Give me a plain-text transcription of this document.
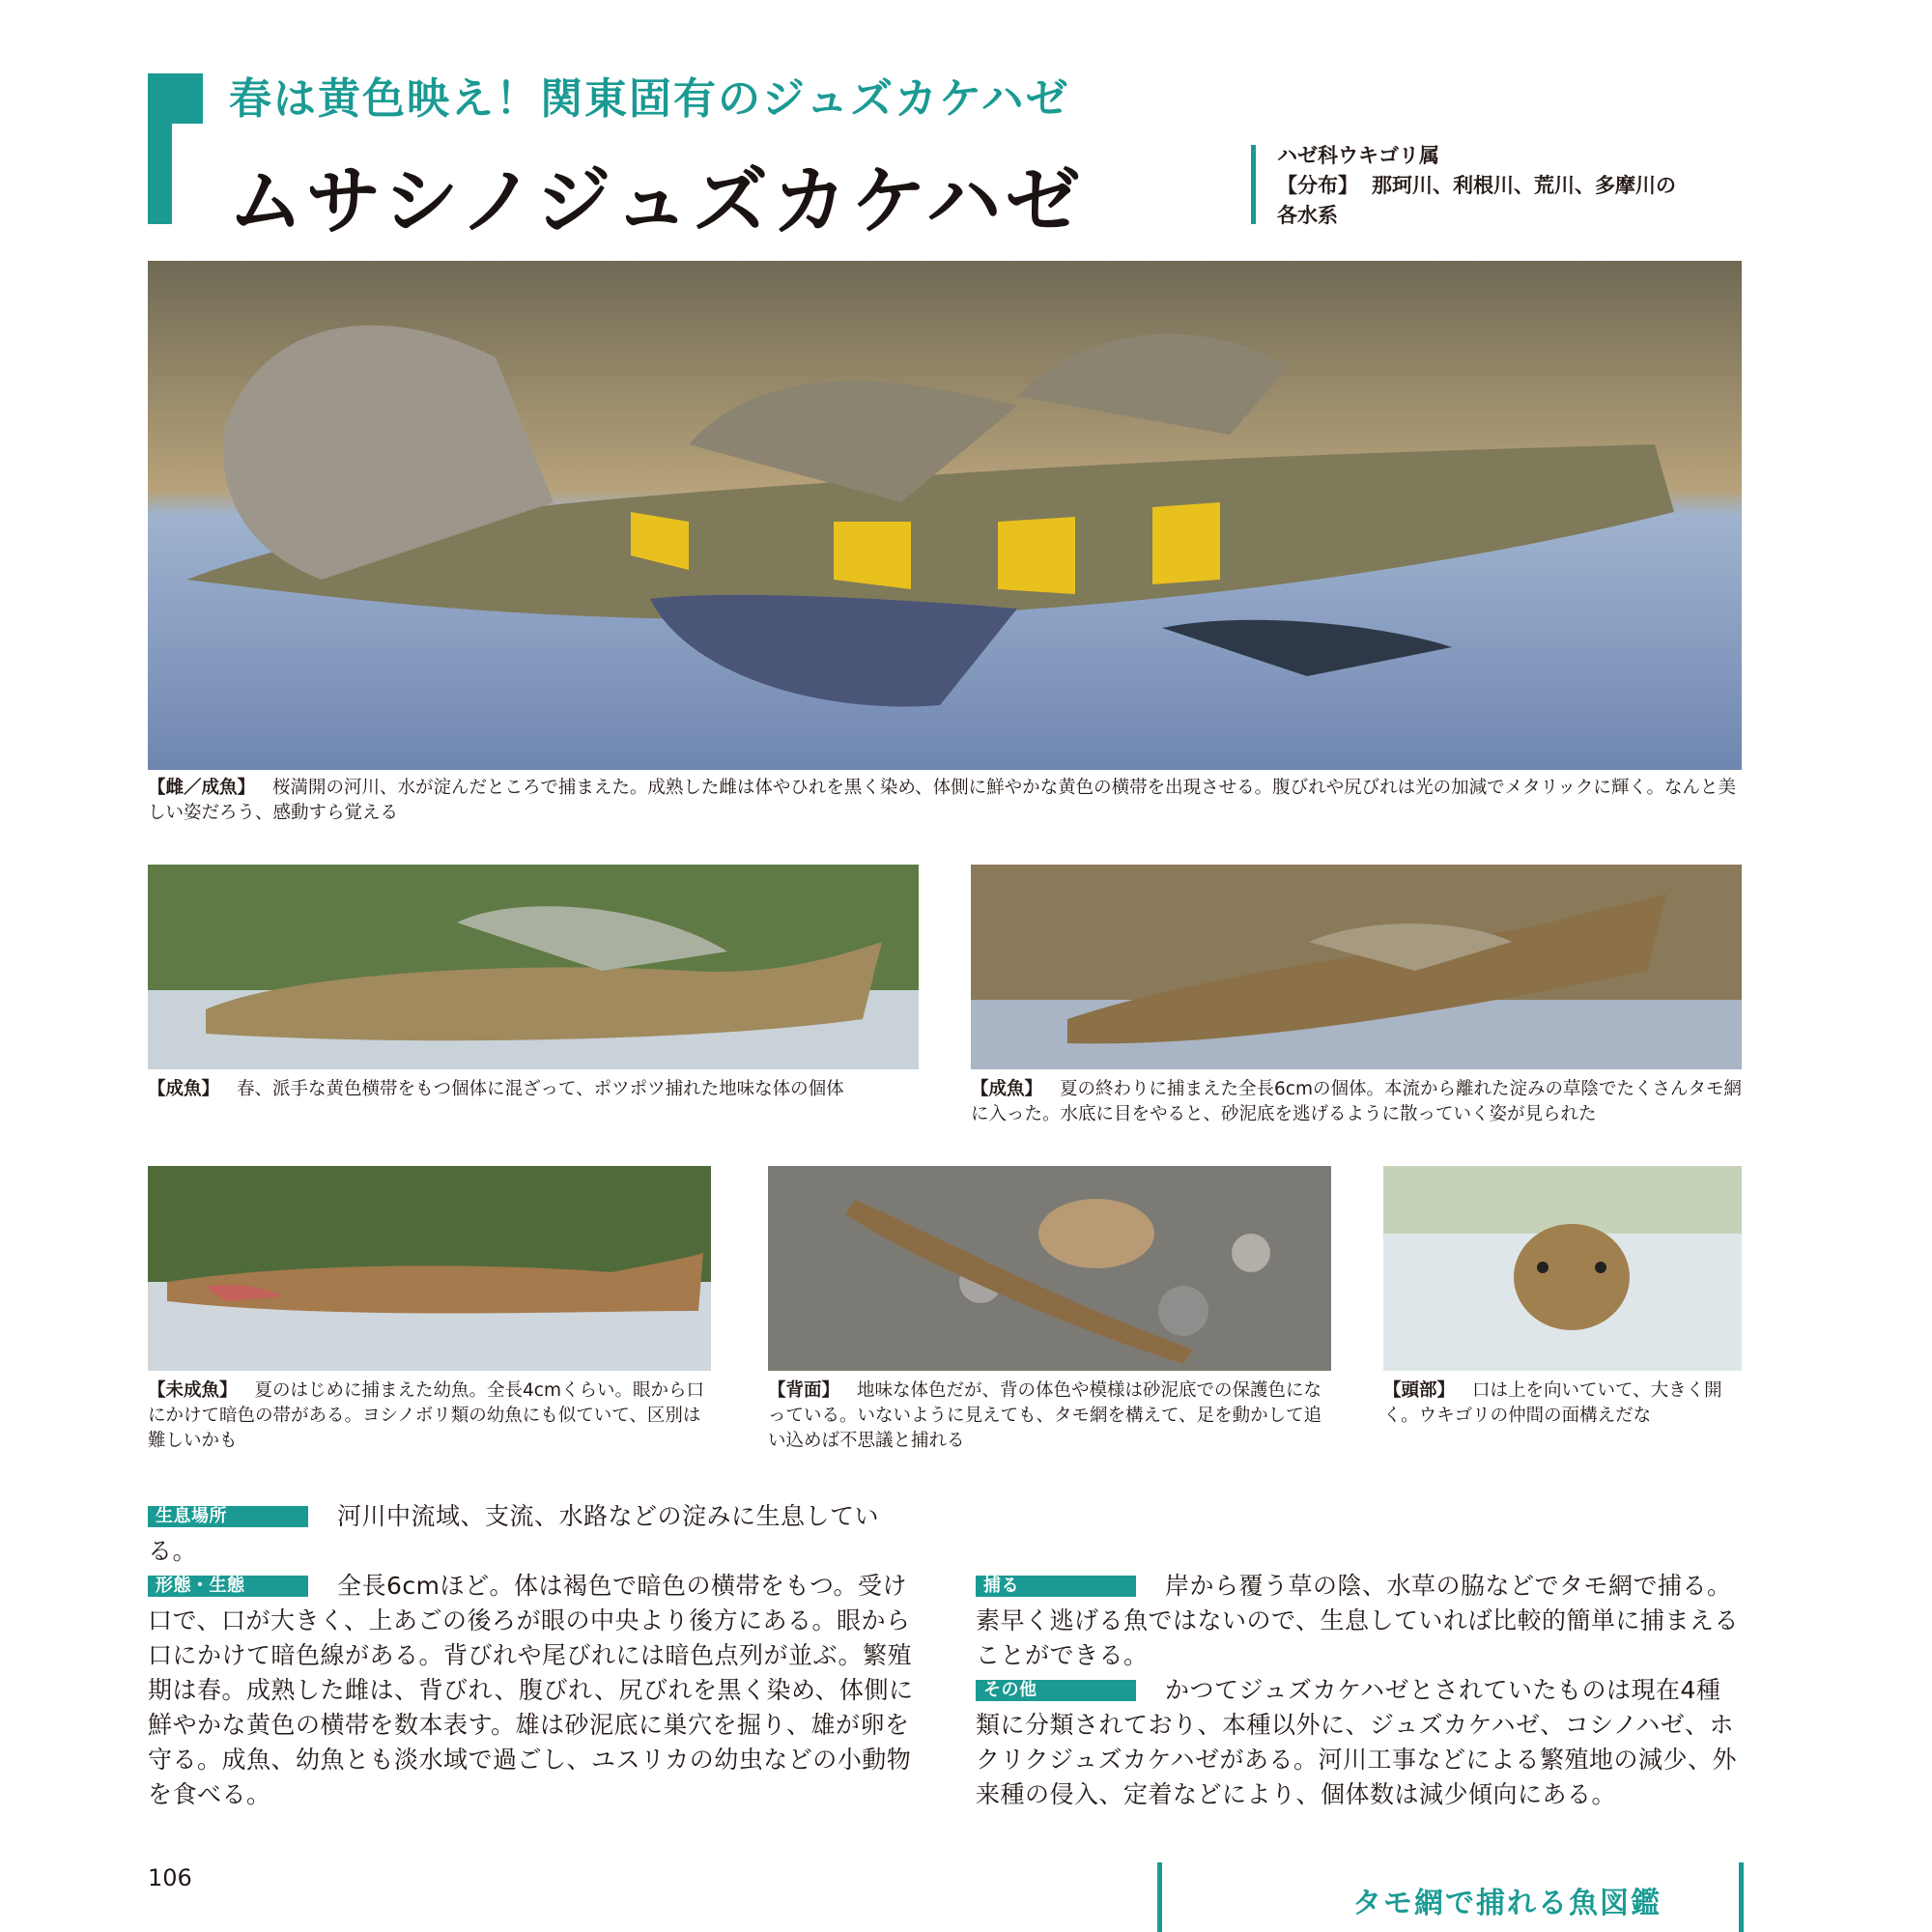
春は黄色映え！関東固有のジュズカケハゼ
ムサシノジュズカケハゼ
ハゼ科ウキゴリ属
【分布】 那珂川、利根川、荒川、多摩川の
各水系
【雌／成魚】 桜満開の河川、水が淀んだところで捕まえた。成熟した雌は体やひれを黒く染め、体側に鮮やかな黄色の横帯を出現させる。腹びれや尻びれは光の加減でメタリックに輝く。なんと美しい姿だろう、感動すら覚える
【成魚】 春、派手な黄色横帯をもつ個体に混ざって、ポツポツ捕れた地味な体の個体	【成魚】 夏の終わりに捕まえた全長6cmの個体。本流から離れた淀みの草陰でたくさんタモ網に入った。水底に目をやると、砂泥底を逃げるように散っていく姿が見られた
【未成魚】 夏のはじめに捕まえた幼魚。全長4cmくらい。眼から口にかけて暗色の帯がある。ヨシノボリ類の幼魚にも似ていて、区別は難しいかも
【背面】 地味な体色だが、背の体色や模様は砂泥底での保護色になっている。いないように見えても、タモ網を構えて、足を動かして追い込めば不思議と捕れる
【頭部】 口は上を向いていて、大きく開く。ウキゴリの仲間の面構えだな
生息場所	河川中流域、支流、水路などの淀みに生息している。
形態・生態	全長6cmほど。体は褐色で暗色の横帯をもつ。受け口で、口が大きく、上あごの後ろが眼の中央より後方にある。眼から口にかけて暗色線がある。背びれや尾びれには暗色点列が並ぶ。繁殖期は春。成熟した雌は、背びれ、腹びれ、尻びれを黒く染め、体側に鮮やかな黄色の横帯を数本表す。雄は砂泥底に巣穴を掘り、雄が卵を守る。成魚、幼魚とも淡水域で過ごし、ユスリカの幼虫などの小動物を食べる。
捕る	岸から覆う草の陰、水草の脇などでタモ網で捕る。素早く逃げる魚ではないので、生息していれば比較的簡単に捕まえることができる。
その他	かつてジュズカケハゼとされていたものは現在4種類に分類されており、本種以外に、ジュズカケハゼ、コシノハゼ、ホクリクジュズカケハゼがある。河川工事などによる繁殖地の減少、外来種の侵入、定着などにより、個体数は減少傾向にある。
106
タモ網で捕れる魚図鑑
